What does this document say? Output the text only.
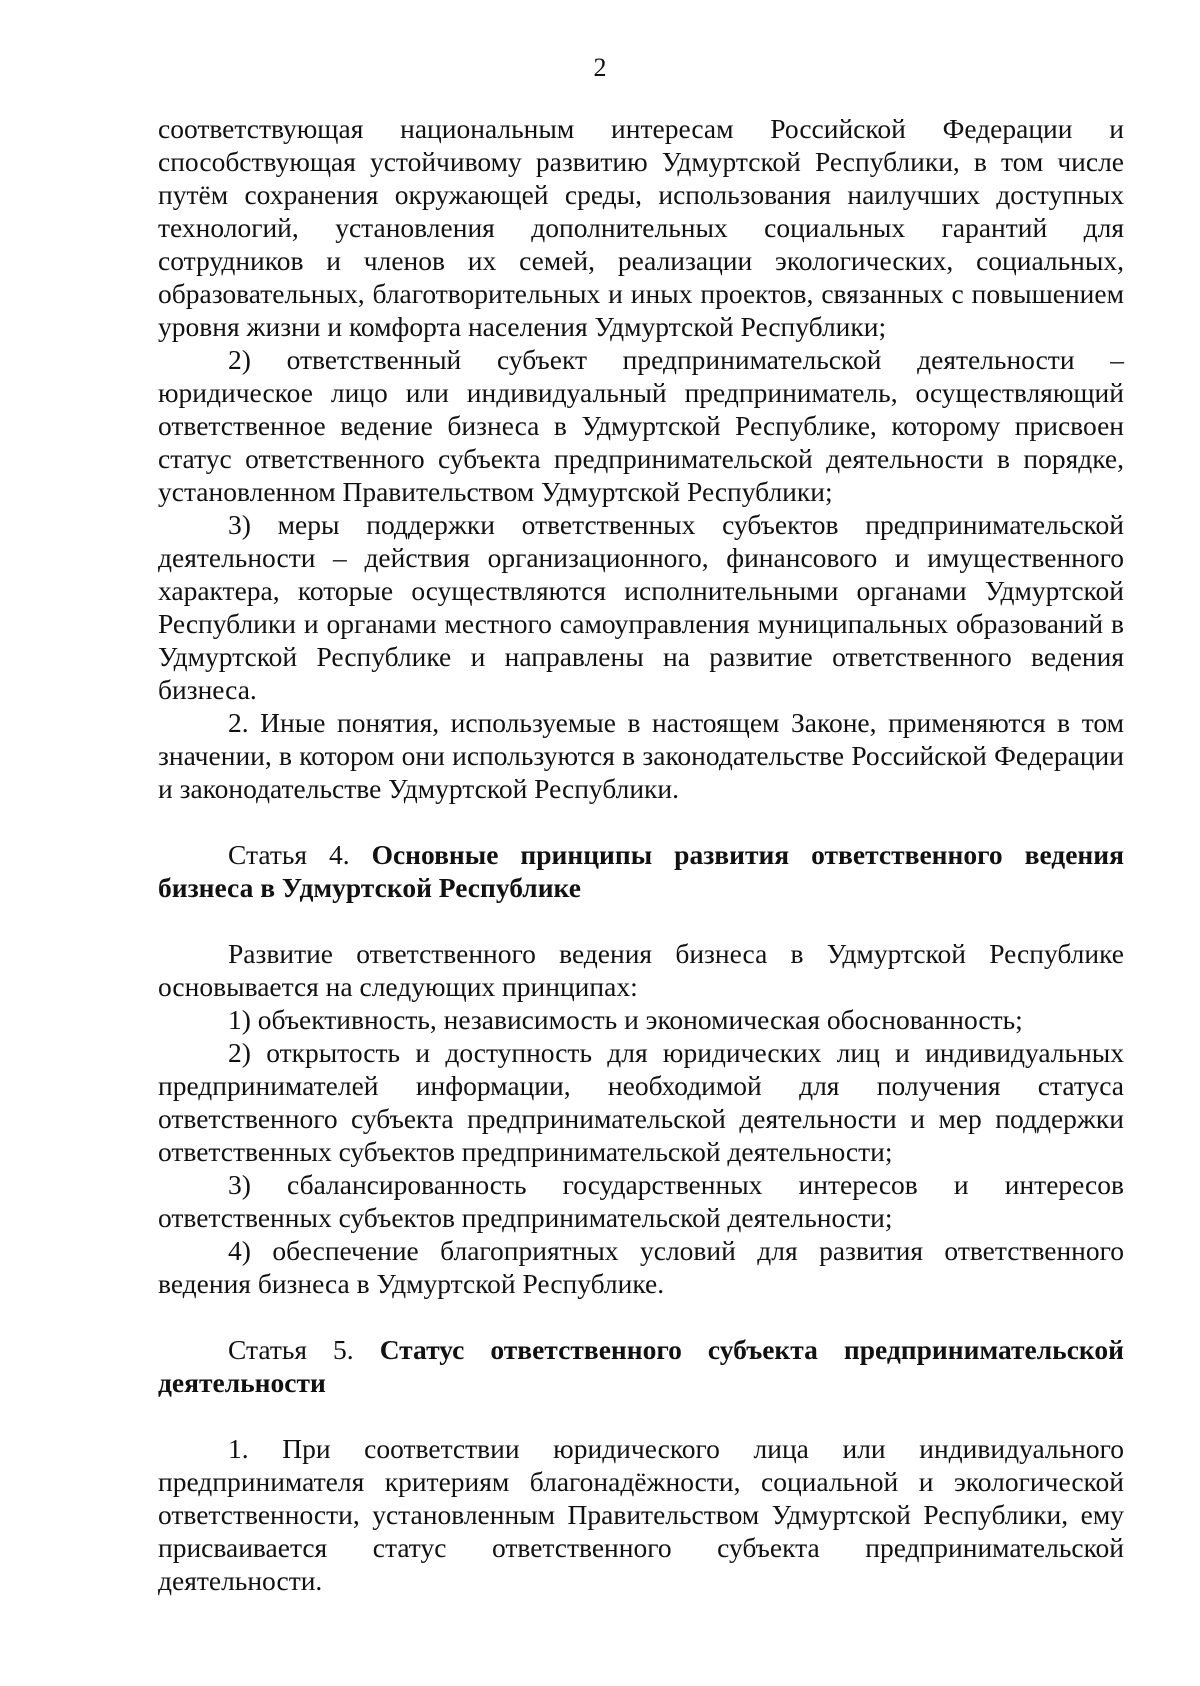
2

соответствующая национальным интересам Российской Федерации и способствующая устойчивому развитию Удмуртской Республики, в том числе путём сохранения окружающей среды, использования наилучших доступных технологий, установления дополнительных социальных гарантий для сотрудников и членов их семей, реализации экологических, социальных, образовательных, благотворительных и иных проектов, связанных с повышением уровня жизни и комфорта населения Удмуртской Республики;

2) ответственный субъект предпринимательской деятельности – юридическое лицо или индивидуальный предприниматель, осуществляющий ответственное ведение бизнеса в Удмуртской Республике, которому присвоен статус ответственного субъекта предпринимательской деятельности в порядке, установленном Правительством Удмуртской Республики;

3) меры поддержки ответственных субъектов предпринимательской деятельности – действия организационного, финансового и имущественного характера, которые осуществляются исполнительными органами Удмуртской Республики и органами местного самоуправления муниципальных образований в Удмуртской Республике и направлены на развитие ответственного ведения бизнеса.

2. Иные понятия, используемые в настоящем Законе, применяются в том значении, в котором они используются в законодательстве Российской Федерации и законодательстве Удмуртской Республики.

Статья 4. Основные принципы развития ответственного ведения бизнеса в Удмуртской Республике

Развитие ответственного ведения бизнеса в Удмуртской Республике основывается на следующих принципах:

1) объективность, независимость и экономическая обоснованность;

2) открытость и доступность для юридических лиц и индивидуальных предпринимателей информации, необходимой для получения статуса ответственного субъекта предпринимательской деятельности и мер поддержки ответственных субъектов предпринимательской деятельности;

3) сбалансированность государственных интересов и интересов ответственных субъектов предпринимательской деятельности;

4) обеспечение благоприятных условий для развития ответственного ведения бизнеса в Удмуртской Республике.

Статья 5. Статус ответственного субъекта предпринимательской деятельности

1. При соответствии юридического лица или индивидуального предпринимателя критериям благонадёжности, социальной и экологической ответственности, установленным Правительством Удмуртской Республики, ему присваивается статус ответственного субъекта предпринимательской деятельности.
